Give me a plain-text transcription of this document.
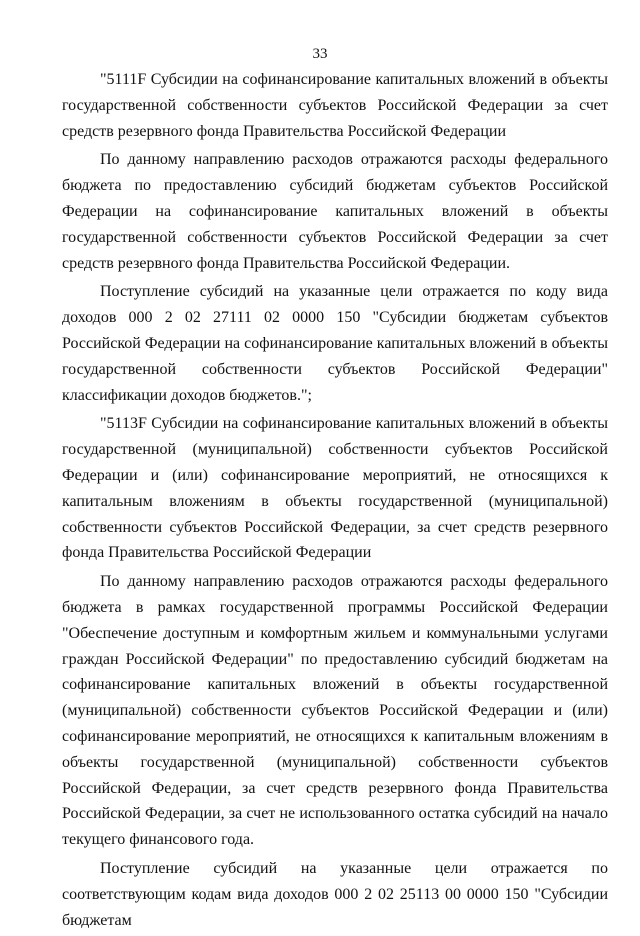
33

"5111F Субсидии на софинансирование капитальных вложений в объекты государственной собственности субъектов Российской Федерации за счет средств резервного фонда Правительства Российской Федерации

По данному направлению расходов отражаются расходы федерального бюджета по предоставлению субсидий бюджетам субъектов Российской Федерации на софинансирование капитальных вложений в объекты государственной собственности субъектов Российской Федерации за счет средств резервного фонда Правительства Российской Федерации.

Поступление субсидий на указанные цели отражается по коду вида доходов 000 2 02 27111 02 0000 150 "Субсидии бюджетам субъектов Российской Федерации на софинансирование капитальных вложений в объекты государственной собственности субъектов Российской Федерации" классификации доходов бюджетов.";

"5113F Субсидии на софинансирование капитальных вложений в объекты государственной (муниципальной) собственности субъектов Российской Федерации и (или) софинансирование мероприятий, не относящихся к капитальным вложениям в объекты государственной (муниципальной) собственности субъектов Российской Федерации, за счет средств резервного фонда Правительства Российской Федерации

По данному направлению расходов отражаются расходы федерального бюджета в рамках государственной программы Российской Федерации "Обеспечение доступным и комфортным жильем и коммунальными услугами граждан Российской Федерации" по предоставлению субсидий бюджетам на софинансирование капитальных вложений в объекты государственной (муниципальной) собственности субъектов Российской Федерации и (или) софинансирование мероприятий, не относящихся к капитальным вложениям в объекты государственной (муниципальной) собственности субъектов Российской Федерации, за счет средств резервного фонда Правительства Российской Федерации, за счет не использованного остатка субсидий на начало текущего финансового года.

Поступление субсидий на указанные цели отражается по соответствующим кодам вида доходов 000 2 02 25113 00 0000 150 "Субсидии бюджетам
